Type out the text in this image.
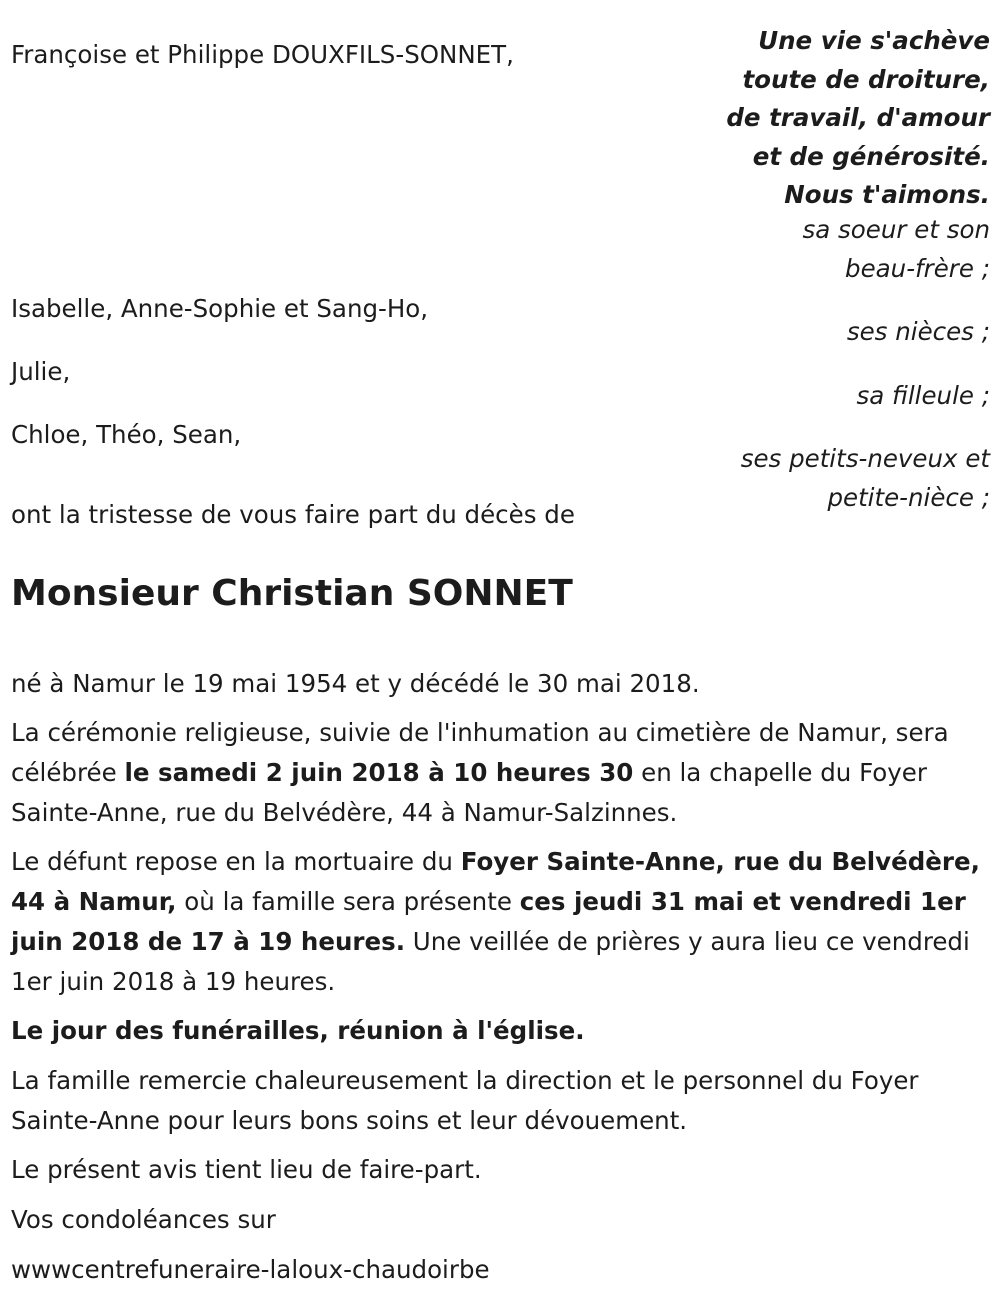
Une vie s'achève
toute de droiture,
de travail, d'amour
et de générosité.
Nous t'aimons.
Françoise et Philippe DOUXFILS-SONNET,
sa soeur et son
beau-frère ;
Isabelle, Anne-Sophie et Sang-Ho,
ses nièces ;
Julie,
sa filleule ;
Chloe, Théo, Sean,
ses petits-neveux et
petite-nièce ;
ont la tristesse de vous faire part du décès de
Monsieur Christian SONNET
né à Namur le 19 mai 1954 et y décédé le 30 mai 2018.
La cérémonie religieuse, suivie de l'inhumation au cimetière de Namur, sera célébrée le samedi 2 juin 2018 à 10 heures 30 en la chapelle du Foyer Sainte-Anne, rue du Belvédère, 44 à Namur-Salzinnes.
Le défunt repose en la mortuaire du Foyer Sainte-Anne, rue du Belvédère, 44 à Namur, où la famille sera présente ces jeudi 31 mai et vendredi 1er juin 2018 de 17 à 19 heures. Une veillée de prières y aura lieu ce vendredi 1er juin 2018 à 19 heures.
Le jour des funérailles, réunion à l'église.
La famille remercie chaleureusement la direction et le personnel du Foyer Sainte-Anne pour leurs bons soins et leur dévouement.
Le présent avis tient lieu de faire-part.
Vos condoléances sur
wwwcentrefuneraire-laloux-chaudoirbe
